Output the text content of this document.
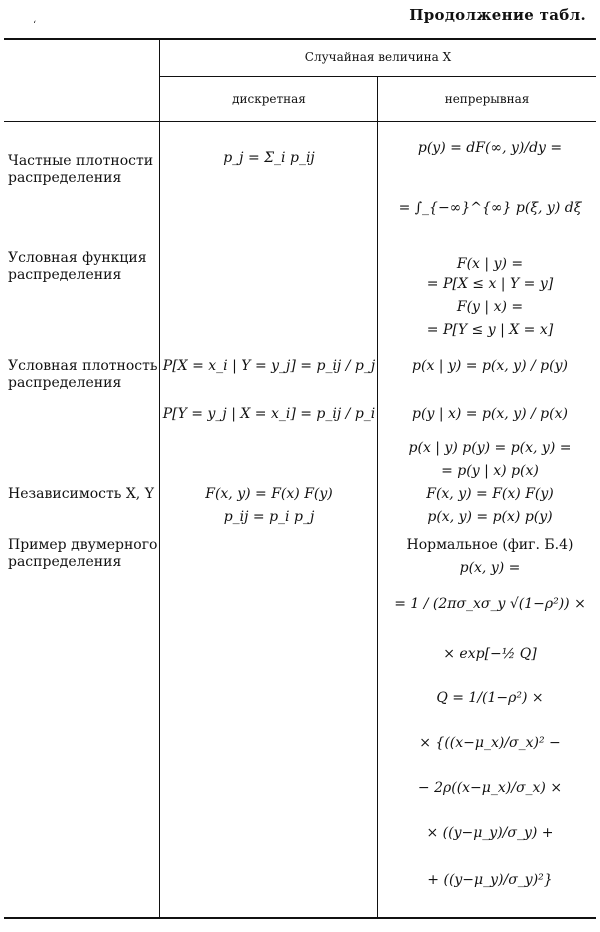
Продолжение табл.
ʻ
Случайная величина X
дискретная	непрерывная
Частные плотности распределения
Условная функция распределения
Условная плотность распределения
Независимость X, Y
Пример двумерного распределения
p_j = Σ_i p_ij
p(y) = dF(∞, y)/dy =
= ∫_{−∞}^{∞} p(ξ, y) dξ
F(x | y) =
= P[X ≤ x | Y = y]
F(y | x) =
= P[Y ≤ y | X = x]
P[X = x_i | Y = y_j] = p_ij / p_j
P[Y = y_j | X = x_i] = p_ij / p_i
p(x | y) = p(x, y) / p(y)
p(y | x) = p(x, y) / p(x)
p(x | y) p(y) = p(x, y) =
= p(y | x) p(x)
F(x, y) = F(x) F(y)
p_ij = p_i p_j
F(x, y) = F(x) F(y)
p(x, y) = p(x) p(y)
Нормальное (фиг. Б.4)
p(x, y) =
= 1 / (2πσ_xσ_y √(1−ρ²)) ×
× exp[−½ Q]
Q = 1/(1−ρ²) ×
× {((x−μ_x)/σ_x)² −
− 2ρ((x−μ_x)/σ_x) ×
× ((y−μ_y)/σ_y) +
+ ((y−μ_y)/σ_y)²}
